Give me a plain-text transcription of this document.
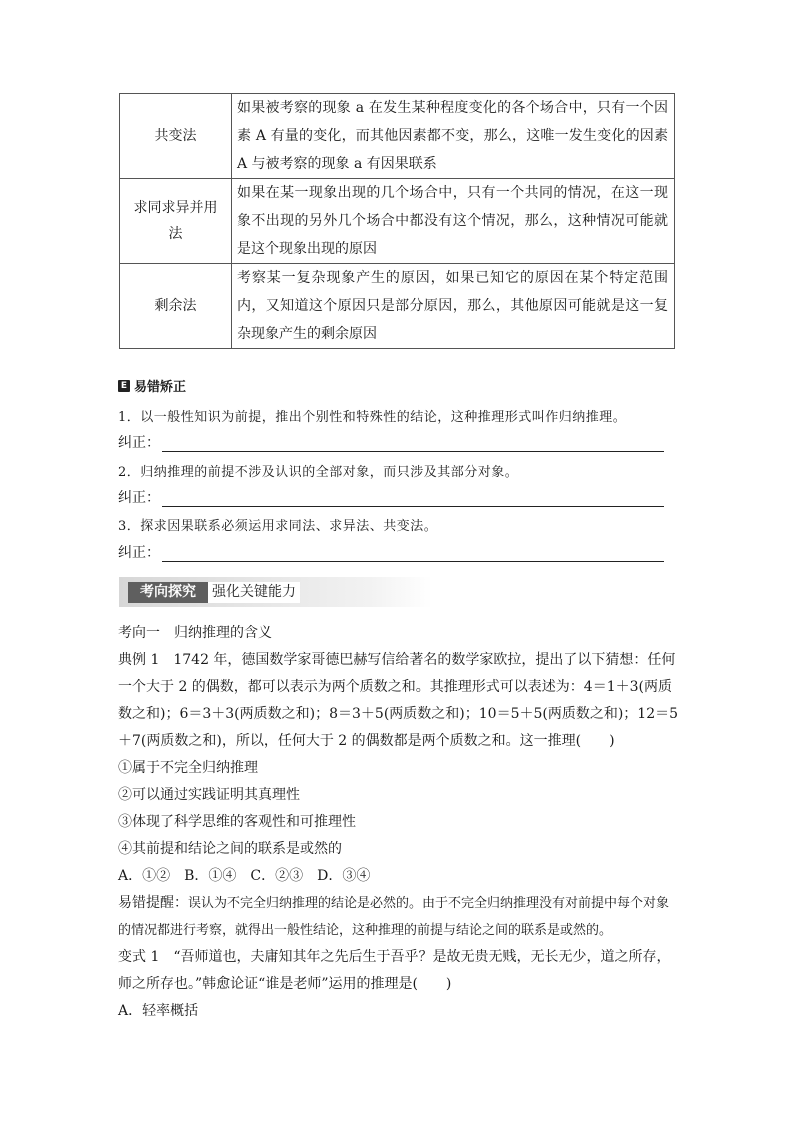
共变法	如果被考察的现象 a 在发生某种程度变化的各个场合中，只有一个因素 A 有量的变化，而其他因素都不变，那么，这唯一发生变化的因素 A 与被考察的现象 a 有因果联系
求同求异并用法	如果在某一现象出现的几个场合中，只有一个共同的情况，在这一现象不出现的另外几个场合中都没有这个情况，那么，这种情况可能就是这个现象出现的原因
剩余法	考察某一复杂现象产生的原因，如果已知它的原因在某个特定范围内，又知道这个原因只是部分原因，那么，其他原因可能就是这一复杂现象产生的剩余原因
E 易错矫正
1．以一般性知识为前提，推出个别性和特殊性的结论，这种推理形式叫作归纳推理。
纠正：
2．归纳推理的前提不涉及认识的全部对象，而只涉及其部分对象。
纠正：
3．探求因果联系必须运用求同法、求异法、共变法。
纠正：
考向探究	强化关键能力

考向一　归纳推理的含义

典例 1　1742 年，德国数学家哥德巴赫写信给著名的数学家欧拉，提出了以下猜想：任何一个大于 2 的偶数，都可以表示为两个质数之和。其推理形式可以表述为：4＝1＋3(两质数之和)；6＝3＋3(两质数之和)；8＝3＋5(两质数之和)；10＝5＋5(两质数之和)；12＝5＋7(两质数之和)，所以，任何大于 2 的偶数都是两个质数之和。这一推理(　　)

①属于不完全归纳推理

②可以通过实践证明其真理性

③体现了科学思维的客观性和可推理性

④其前提和结论之间的联系是或然的

A．①②　B．①④　C．②③　D．③④

易错提醒：误认为不完全归纳推理的结论是必然的。由于不完全归纳推理没有对前提中每个对象的情况都进行考察，就得出一般性结论，这种推理的前提与结论之间的联系是或然的。

变式 1　“吾师道也，夫庸知其年之先后生于吾乎？是故无贵无贱，无长无少，道之所存，师之所存也。”韩愈论证“谁是老师”运用的推理是(　　)

A．轻率概括
